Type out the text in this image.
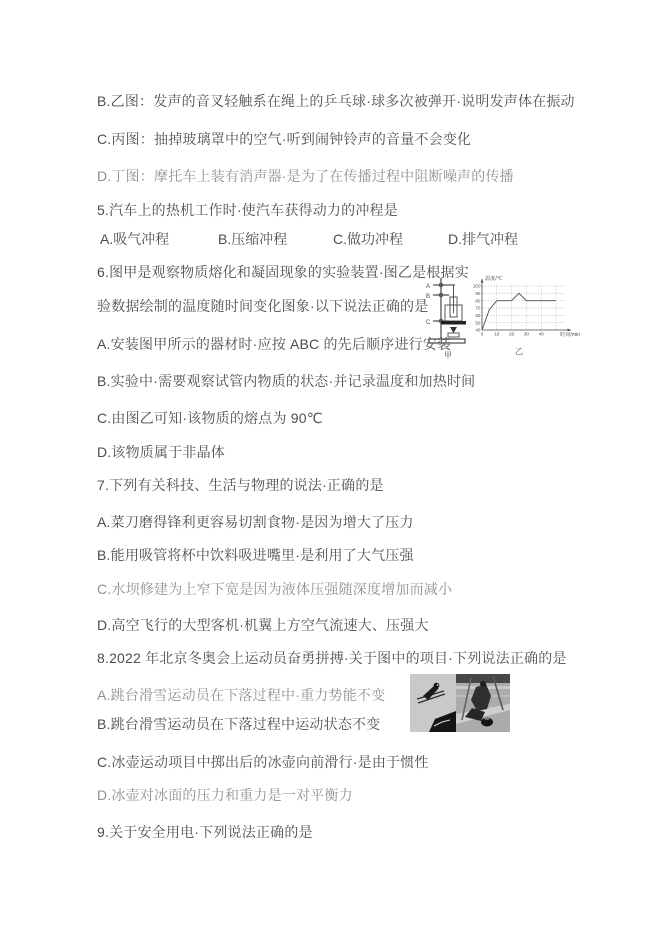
B.乙图：发声的音叉轻触系在绳上的乒乓球·球多次被弹开·说明发声体在振动
C.丙图：抽掉玻璃罩中的空气·听到闹钟铃声的音量不会变化
D.丁图：摩托车上装有消声器·是为了在传播过程中阻断噪声的传播
5.汽车上的热机工作时·使汽车获得动力的冲程是
6.图甲是观察物质熔化和凝固现象的实验装置·图乙是根据实
验数据绘制的温度随时间变化图象·以下说法正确的是
A.安装图甲所示的器材时·应按 ABC 的先后顺序进行安装
B.实验中·需要观察试管内物质的状态·并记录温度和加热时间
C.由图乙可知·该物质的熔点为 90℃
D.该物质属于非晶体
7.下列有关科技、生活与物理的说法·正确的是
A.菜刀磨得锋利更容易切割食物·是因为增大了压力
B.能用吸管将杯中饮料吸进嘴里·是利用了大气压强
C.水坝修建为上窄下宽是因为液体压强随深度增加而减小
D.高空飞行的大型客机·机翼上方空气流速大、压强大
8.2022 年北京冬奥会上运动员奋勇拼搏·关于图中的项目·下列说法正确的是
A.跳台滑雪运动员在下落过程中·重力势能不变
B.跳台滑雪运动员在下落过程中运动状态不变
C.冰壶运动项目中掷出后的冰壶向前滑行·是由于惯性
D.冰壶对冰面的压力和重力是一对平衡力
9.关于安全用电·下列说法正确的是
A.吸气冲程	B.压缩冲程	C.做功冲程	D.排气冲程
A
B
C
甲
40
50
60
70
80
90
100
0 10 20 30 40
温度/℃
时间/min
乙
